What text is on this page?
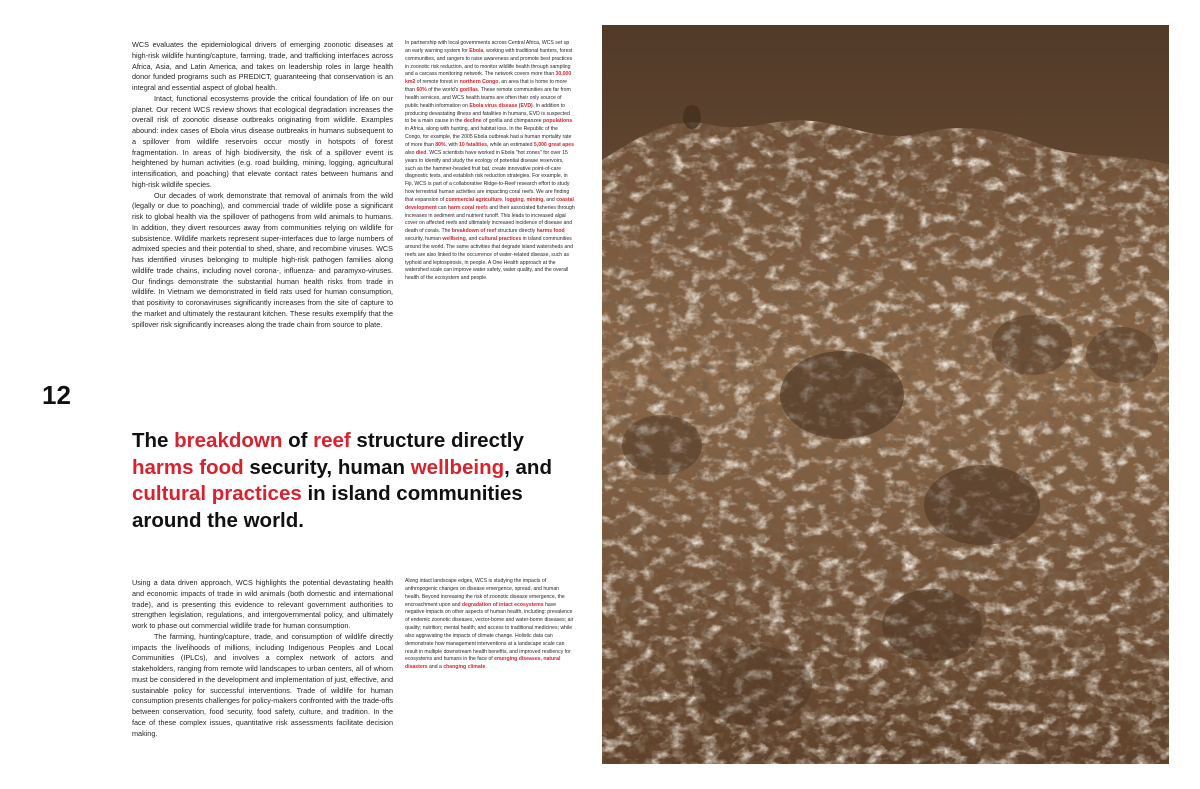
WCS evaluates the epidemiological drivers of emerging zoonotic diseases at high-risk wildlife hunting/capture, farming, trade, and trafficking interfaces across Africa, Asia, and Latin America, and takes on leadership roles in large health donor funded programs such as PREDICT, guaranteeing that conservation is an integral and essential aspect of global health.

Intact, functional ecosystems provide the critical foundation of life on our planet. Our recent WCS review shows that ecological degradation increases the overall risk of zoonotic disease outbreaks originating from wildlife. Examples abound: index cases of Ebola virus disease outbreaks in humans subsequent to a spillover from wildlife reservoirs occur mostly in hotspots of forest fragmentation. In areas of high biodiversity, the risk of a spillover event is heightened by human activities (e.g. road building, mining, logging, agricultural intensification, and poaching) that elevate contact rates between humans and high-risk wildlife species.

Our decades of work demonstrate that removal of animals from the wild (legally or due to poaching), and commercial trade of wildlife pose a significant risk to global health via the spillover of pathogens from wild animals to humans. In addition, they divert resources away from communities relying on wildlife for subsistence. Wildlife markets represent super-interfaces due to large numbers of admixed species and their potential to shed, share, and recombine viruses. WCS has identified viruses belonging to multiple high-risk pathogen families along wildlife trade chains, including novel corona-, influenza- and paramyxo-viruses. Our findings demonstrate the substantial human health risks from trade in wildlife. In Vietnam we demonstrated in field rats used for human consumption, that positivity to coronaviruses significantly increases from the site of capture to the market and ultimately the restaurant kitchen. These results exemplify that the spillover risk significantly increases along the trade chain from source to plate.

In partnership with local governments across Central Africa, WCS set up an early warning system for Ebola, working with traditional hunters, forest communities, and rangers to raise awareness and promote best practices in zoonotic risk reduction, and to monitor wildlife health through sampling and a carcass monitoring network. The network covers more than 30,000 km2 of remote forest in northern Congo, an area that is home to more than 60% of the world's gorillas. These remote communities are far from health services, and WCS health teams are often their only source of public health information on Ebola virus disease (EVD). In addition to producing devastating illness and fatalities in humans, EVD is suspected to be a main cause in the decline of gorilla and chimpanzee populations in Africa, along with hunting, and habitat loss. In the Republic of the Congo, for example, the 2005 Ebola outbreak had a human mortality rate of more than 80%, with 10 fatalities, while an estimated 5,000 great apes also died. WCS scientists have worked in Ebola "hot zones" for over 15 years to identify and study the ecology of potential disease reservoirs, such as the hammer-headed fruit bat, create innovative point-of-care diagnostic tests, and establish risk reduction strategies. For example, in Fiji, WCS is part of a collaborative Ridge-to-Reef research effort to study how terrestrial human activities are impacting coral reefs. We are finding that expansion of commercial agriculture, logging, mining, and coastal development can harm coral reefs and their associated fisheries through increases in sediment and nutrient runoff. This leads to increased algal cover on affected reefs and ultimately increased incidence of disease and death of corals. The breakdown of reef structure directly harms food security, human wellbeing, and cultural practices in island communities around the world. The same activities that degrade island watersheds and reefs are also linked to the occurrence of water-related disease, such as typhoid and leptospirosis, in people. A One Health approach at the watershed scale can improve water safety, water quality, and the overall health of the ecosystem and people.

12
The breakdown of reef structure directly harms food security, human wellbeing, and cultural practices in island communities around the world.

Using a data driven approach, WCS highlights the potential devastating health and economic impacts of trade in wild animals (both domestic and international trade), and is presenting this evidence to relevant government authorities to strengthen legislation, regulations, and intergovernmental policy, and ultimately work to phase out commercial wildlife trade for human consumption.

The farming, hunting/capture, trade, and consumption of wildlife directly impacts the livelihoods of millions, including Indigenous Peoples and Local Communities (IPLCs), and involves a complex network of actors and stakeholders, ranging from remote wild landscapes to urban centers, all of whom must be considered in the development and implementation of just, effective, and sustainable policy for successful interventions. Trade of wildlife for human consumption presents challenges for policy-makers confronted with the trade-offs between conservation, food security, food safety, culture, and tradition. In the face of these complex issues, quantitative risk assessments facilitate decision making.

Along intact landscape edges, WCS is studying the impacts of anthropogenic changes on disease emergence, spread, and human health. Beyond increasing the risk of zoonotic disease emergence, the encroachment upon and degradation of intact ecosystems have negative impacts on other aspects of human health, including: prevalence of endemic zoonotic diseases, vector-borne and water-borne diseases; air quality; nutrition; mental health; and access to traditional medicines; while also aggravating the impacts of climate change. Holistic data can demonstrate how management interventions at a landscape scale can result in multiple downstream health benefits, and improved resiliency for ecosystems and humans in the face of emerging diseases, natural disasters and a changing climate.
